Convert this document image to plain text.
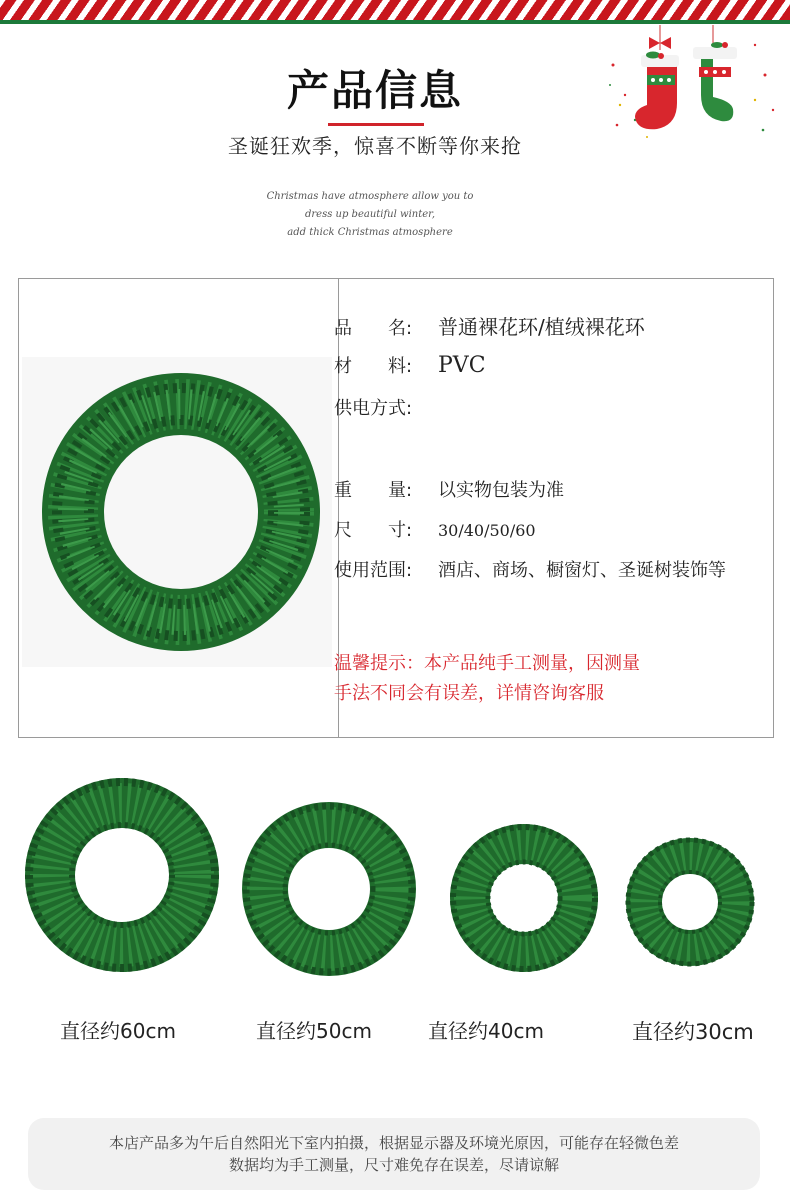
产品信息
圣诞狂欢季，惊喜不断等你来抢
Christmas have atmosphere allow you to
dress up beautiful winter,
add thick Christmas atmosphere
品　　名: 普通裸花环/植绒裸花环
材　　料: PVC
供电方式:
重　　量: 以实物包装为准
尺　　寸: 30/40/50/60
使用范围: 酒店、商场、橱窗灯、圣诞树装饰等
温馨提示：本产品纯手工测量，因测量
手法不同会有误差，详情咨询客服
直径约60cm	直径约50cm	直径约40cm	直径约30cm
本店产品多为午后自然阳光下室内拍摄，根据显示器及环境光原因，可能存在轻微色差
数据均为手工测量，尺寸难免存在误差，尽请谅解
